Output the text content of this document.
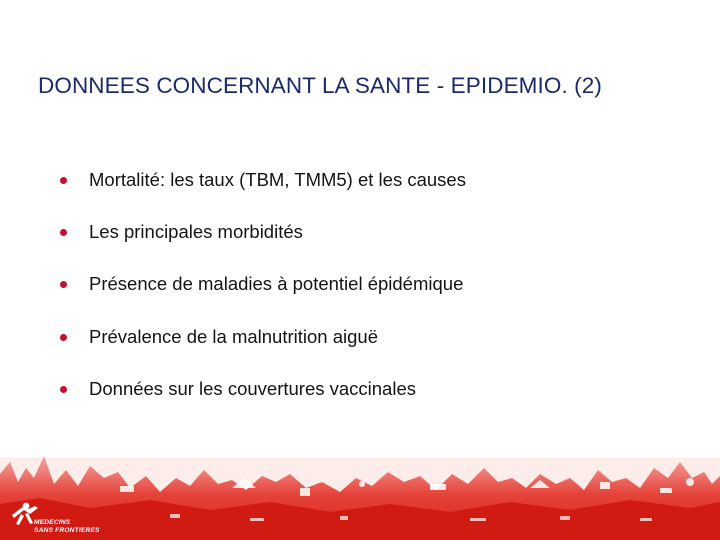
DONNEES CONCERNANT LA SANTE - EPIDEMIO. (2)
Mortalité: les taux (TBM, TMM5) et les causes
Les principales morbidités
Présence de maladies à potentiel épidémique
Prévalence de la malnutrition aiguë
Données sur les couvertures vaccinales
MEDECINS
SANS FRONTIERES
